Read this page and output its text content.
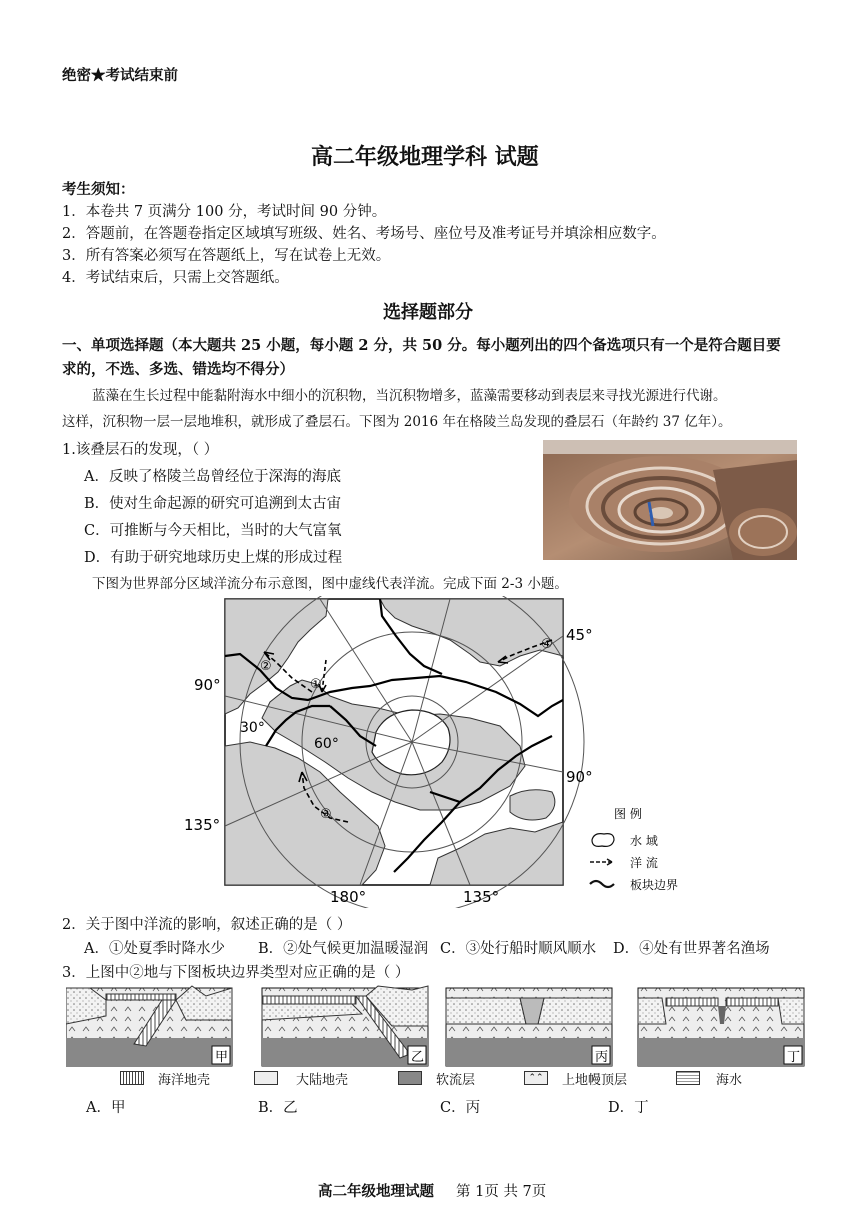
绝密★考试结束前
高二年级地理学科 试题
考生须知：
1．本卷共 7 页满分 100 分，考试时间 90 分钟。
2．答题前，在答题卷指定区域填写班级、姓名、考场号、座位号及准考证号并填涂相应数字。
3．所有答案必须写在答题纸上，写在试卷上无效。
4．考试结束后，只需上交答题纸。
选择题部分
一、单项选择题（本大题共 25 小题，每小题 2 分，共 50 分。每小题列出的四个备选项只有一个是符合题目要
求的，不选、多选、错选均不得分）
蓝藻在生长过程中能黏附海水中细小的沉积物，当沉积物增多，蓝藻需要移动到表层来寻找光源进行代谢。
这样，沉积物一层一层地堆积，就形成了叠层石。下图为 2016 年在格陵兰岛发现的叠层石（年龄约 37 亿年）。
1.该叠层石的发现，（ ）
A．反映了格陵兰岛曾经位于深海的海底
B．使对生命起源的研究可追溯到太古宙
C．可推断与今天相比，当时的大气富氧
D．有助于研究地球历史上煤的形成过程
下图为世界部分区域洋流分布示意图，图中虚线代表洋流。完成下面 2-3 小题。
45°
90°
90°
30°
60°
135°
180°	135°
①
②
③
④
图 例
水 域
洋 流
板块边界
2．关于图中洋流的影响，叙述正确的是（ ）
A．①处夏季时降水少 B．②处气候更加温暖湿润 C．③处行船时顺风顺水 D．④处有世界著名渔场
3．上图中②地与下图板块边界类型对应正确的是（ ）
甲	乙	丙	丁
海洋地壳	大陆地壳	软流层	⌃⌃	上地幔顶层	海水
A．甲	B．乙	C．丙	D．丁
高二年级地理试题 第 1页 共 7页
